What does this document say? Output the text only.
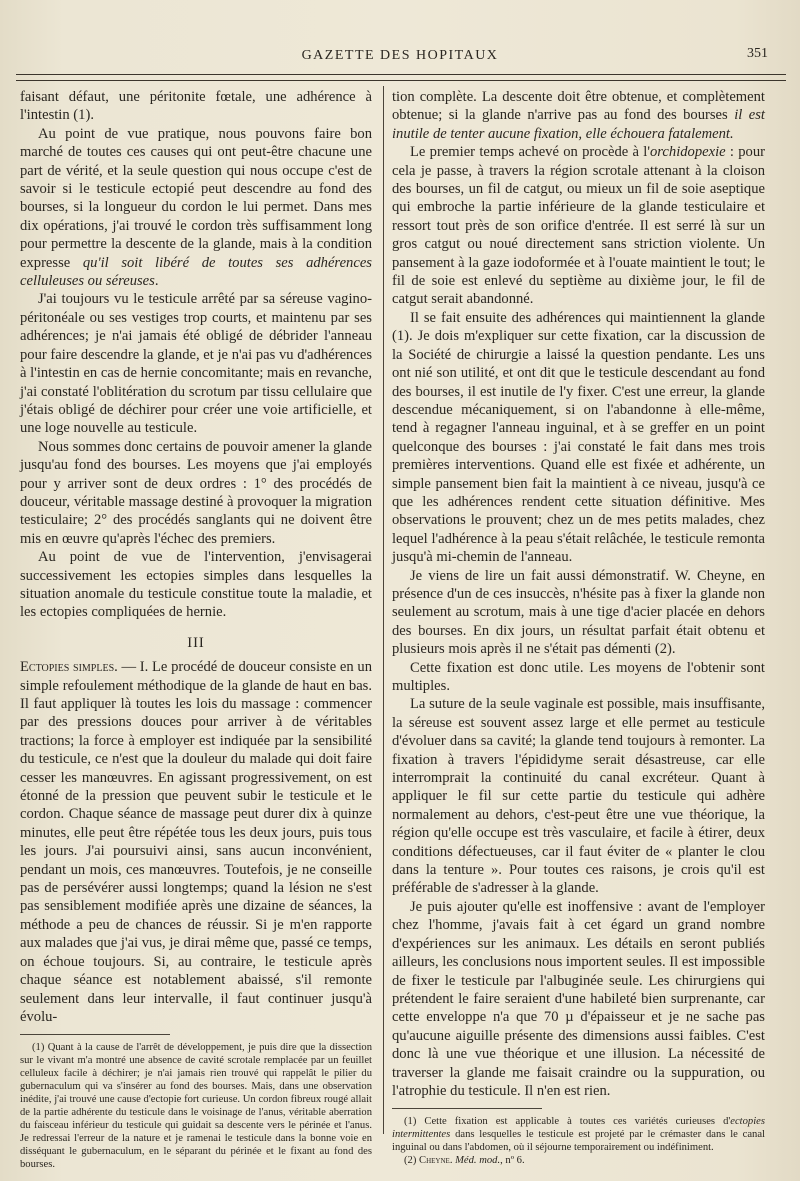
GAZETTE DES HOPITAUX	351

faisant défaut, une péritonite fœtale, une adhérence à l'intestin (1).

Au point de vue pratique, nous pouvons faire bon marché de toutes ces causes qui ont peut-être chacune une part de vérité, et la seule question qui nous occupe c'est de savoir si le testicule ectopié peut descendre au fond des bourses, si la longueur du cordon le lui permet. Dans mes dix opérations, j'ai trouvé le cordon très suffisamment long pour permettre la descente de la glande, mais à la condition expresse qu'il soit libéré de toutes ses adhérences celluleuses ou séreuses.

J'ai toujours vu le testicule arrêté par sa séreuse vagino-péritonéale ou ses vestiges trop courts, et maintenu par ses adhérences; je n'ai jamais été obligé de débrider l'anneau pour faire descendre la glande, et je n'ai pas vu d'adhérences à l'intestin en cas de hernie concomitante; mais en revanche, j'ai constaté l'oblitération du scrotum par tissu cellulaire que j'étais obligé de déchirer pour créer une voie artificielle, et une loge nouvelle au testicule.

Nous sommes donc certains de pouvoir amener la glande jusqu'au fond des bourses. Les moyens que j'ai employés pour y arriver sont de deux ordres : 1° des procédés de douceur, véritable massage destiné à provoquer la migration testiculaire; 2° des procédés sanglants qui ne doivent être mis en œuvre qu'après l'échec des premiers.

Au point de vue de l'intervention, j'envisagerai successivement les ectopies simples dans lesquelles la situation anomale du testicule constitue toute la maladie, et les ectopies compliquées de hernie.

III

Ectopies simples. — I. Le procédé de douceur consiste en un simple refoulement méthodique de la glande de haut en bas. Il faut appliquer là toutes les lois du massage : commencer par des pressions douces pour arriver à de véritables tractions; la force à employer est indiquée par la sensibilité du testicule, ce n'est que la douleur du malade qui doit faire cesser les manœuvres. En agissant progressivement, on est étonné de la pression que peuvent subir le testicule et le cordon. Chaque séance de massage peut durer dix à quinze minutes, elle peut être répétée tous les deux jours, puis tous les jours. J'ai poursuivi ainsi, sans aucun inconvénient, pendant un mois, ces manœuvres. Toutefois, je ne conseille pas de persévérer aussi longtemps; quand la lésion ne s'est pas sensiblement modifiée après une dizaine de séances, la méthode a peu de chances de réussir. Si je m'en rapporte aux malades que j'ai vus, je dirai même que, passé ce temps, on échoue toujours. Si, au contraire, le testicule après chaque séance est notablement abaissé, s'il remonte seulement dans leur intervalle, il faut continuer jusqu'à évolu-

(1) Quant à la cause de l'arrêt de développement, je puis dire que la dissection sur le vivant m'a montré une absence de cavité scrotale remplacée par un feuillet celluleux facile à déchirer; je n'ai jamais rien trouvé qui rappelât le pilier du gubernaculum qui va s'insérer au fond des bourses. Mais, dans une observation inédite, j'ai trouvé une cause d'ectopie fort curieuse. Un cordon fibreux rougé allait de la partie adhérente du testicule dans le voisinage de l'anus, véritable aberration du faisceau inférieur du testicule qui guidait sa descente vers le périnée et l'anus. Je redressai l'erreur de la nature et je ramenai le testicule dans la bonne voie en disséquant le gubernaculum, en le séparant du périnée et le fixant au fond des bourses.

tion complète. La descente doit être obtenue, et complètement obtenue; si la glande n'arrive pas au fond des bourses il est inutile de tenter aucune fixation, elle échouera fatalement.

Le premier temps achevé on procède à l'orchidopexie : pour cela je passe, à travers la région scrotale attenant à la cloison des bourses, un fil de catgut, ou mieux un fil de soie aseptique qui embroche la partie inférieure de la glande testiculaire et ressort tout près de son orifice d'entrée. Il est serré là sur un gros catgut ou noué directement sans striction violente. Un pansement à la gaze iodoformée et à l'ouate maintient le tout; le fil de soie est enlevé du septième au dixième jour, le fil de catgut serait abandonné.

Il se fait ensuite des adhérences qui maintiennent la glande (1). Je dois m'expliquer sur cette fixation, car la discussion de la Société de chirurgie a laissé la question pendante. Les uns ont nié son utilité, et ont dit que le testicule descendant au fond des bourses, il est inutile de l'y fixer. C'est une erreur, la glande descendue mécaniquement, si on l'abandonne à elle-même, tend à regagner l'anneau inguinal, et à se greffer en un point quelconque des bourses : j'ai constaté le fait dans mes trois premières interventions. Quand elle est fixée et adhérente, un simple pansement bien fait la maintient à ce niveau, jusqu'à ce que les adhérences rendent cette situation définitive. Mes observations le prouvent; chez un de mes petits malades, chez lequel l'adhérence à la peau s'était relâchée, le testicule remonta jusqu'à mi-chemin de l'anneau.

Je viens de lire un fait aussi démonstratif. W. Cheyne, en présence d'un de ces insuccès, n'hésite pas à fixer la glande non seulement au scrotum, mais à une tige d'acier placée en dehors des bourses. En dix jours, un résultat parfait était obtenu et plusieurs mois après il ne s'était pas démenti (2).

Cette fixation est donc utile. Les moyens de l'obtenir sont multiples.

La suture de la seule vaginale est possible, mais insuffisante, la séreuse est souvent assez large et elle permet au testicule d'évoluer dans sa cavité; la glande tend toujours à remonter. La fixation à travers l'épididyme serait désastreuse, car elle interromprait la continuité du canal excréteur. Quant à appliquer le fil sur cette partie du testicule qui adhère normalement au dehors, c'est-peut être une vue théorique, la région qu'elle occupe est très vasculaire, et facile à étirer, deux conditions défectueuses, car il faut éviter de « planter le clou dans la tenture ». Pour toutes ces raisons, je crois qu'il est préférable de s'adresser à la glande.

Je puis ajouter qu'elle est inoffensive : avant de l'employer chez l'homme, j'avais fait à cet égard un grand nombre d'expériences sur les animaux. Les détails en seront publiés ailleurs, les conclusions nous importent seules. Il est impossible de fixer le testicule par l'albuginée seule. Les chirurgiens qui prétendent le faire seraient d'une habileté bien surprenante, car cette enveloppe n'a que 70 µ d'épaisseur et je ne sache pas qu'aucune aiguille présente des dimensions aussi faibles. C'est donc là une vue théorique et une illusion. La nécessité de traverser la glande me faisait craindre ou la suppuration, ou l'atrophie du testicule. Il n'en est rien.

(1) Cette fixation est applicable à toutes ces variétés curieuses d'ectopies intermittentes dans lesquelles le testicule est projeté par le crémaster dans le canal inguinal ou dans l'abdomen, où il séjourne temporairement ou indéfiniment.

(2) Cheyne. Méd. mod., nº 6.
